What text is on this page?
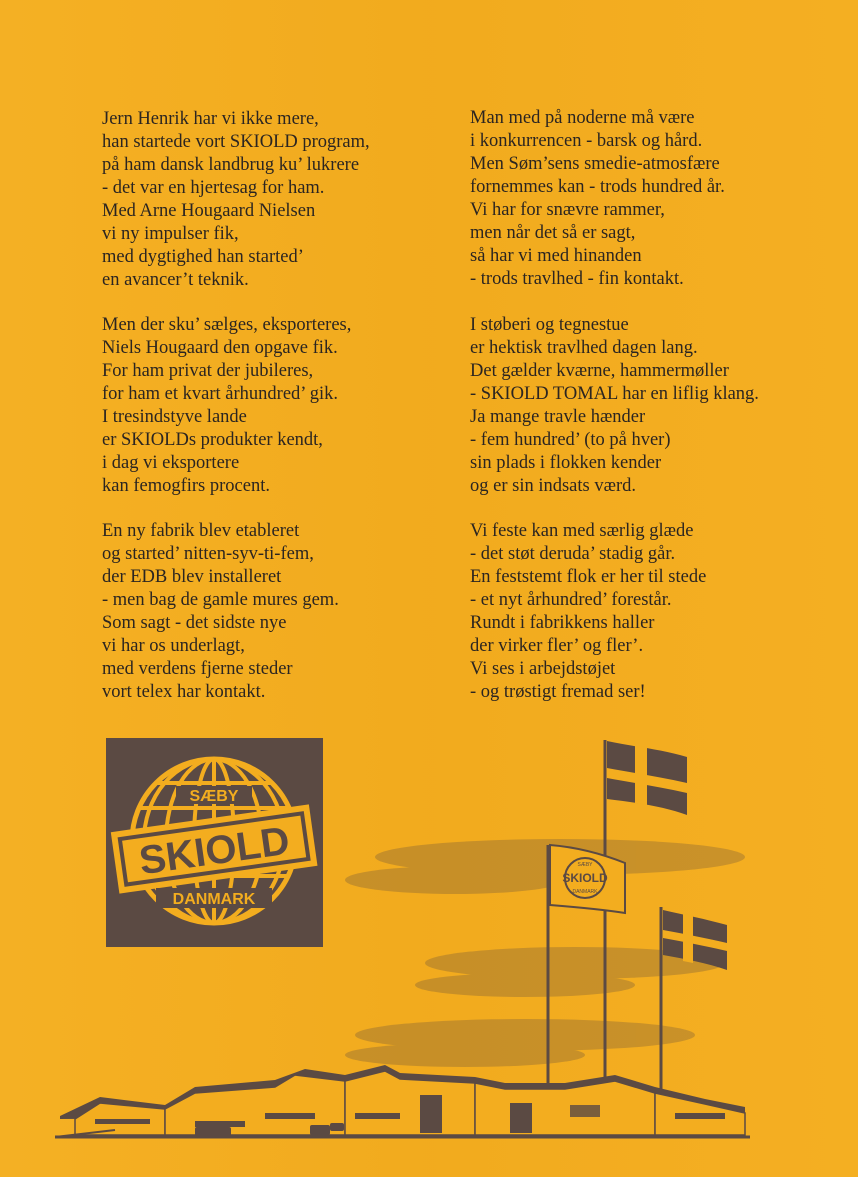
Jern Henrik har vi ikke mere,
han startede vort SKIOLD program,
på ham dansk landbrug ku’ lukrere
- det var en hjertesag for ham.
Med Arne Hougaard Nielsen
vi ny impulser fik,
med dygtighed han started’
en avancer’t teknik.
Men der sku’ sælges, eksporteres,
Niels Hougaard den opgave fik.
For ham privat der jubileres,
for ham et kvart århundred’ gik.
I tresindstyve lande
er SKIOLDs produkter kendt,
i dag vi eksportere
kan femogfirs procent.
En ny fabrik blev etableret
og started’ nitten-syv-ti-fem,
der EDB blev installeret
- men bag de gamle mures gem.
Som sagt - det sidste nye
vi har os underlagt,
med verdens fjerne steder
vort telex har kontakt.
Man med på noderne må være
i konkurrencen - barsk og hård.
Men Søm’sens smedie-atmosfære
fornemmes kan - trods hundred år.
Vi har for snævre rammer,
men når det så er sagt,
så har vi med hinanden
- trods travlhed - fin kontakt.
I støberi og tegnestue
er hektisk travlhed dagen lang.
Det gælder kværne, hammermøller
- SKIOLD TOMAL har en liflig klang.
Ja mange travle hænder
- fem hundred’ (to på hver)
sin plads i flokken kender
og er sin indsats værd.
Vi feste kan med særlig glæde
- det støt deruda’ stadig går.
En feststemt flok er her til stede
- et nyt århundred’ forestår.
Rundt i fabrikkens haller
der virker fler’ og fler’.
Vi ses i arbejdstøjet
- og trøstigt fremad ser!
SKIOLD
SÆBY
DANMARK
SÆBY
SKIOLD
DANMARK
